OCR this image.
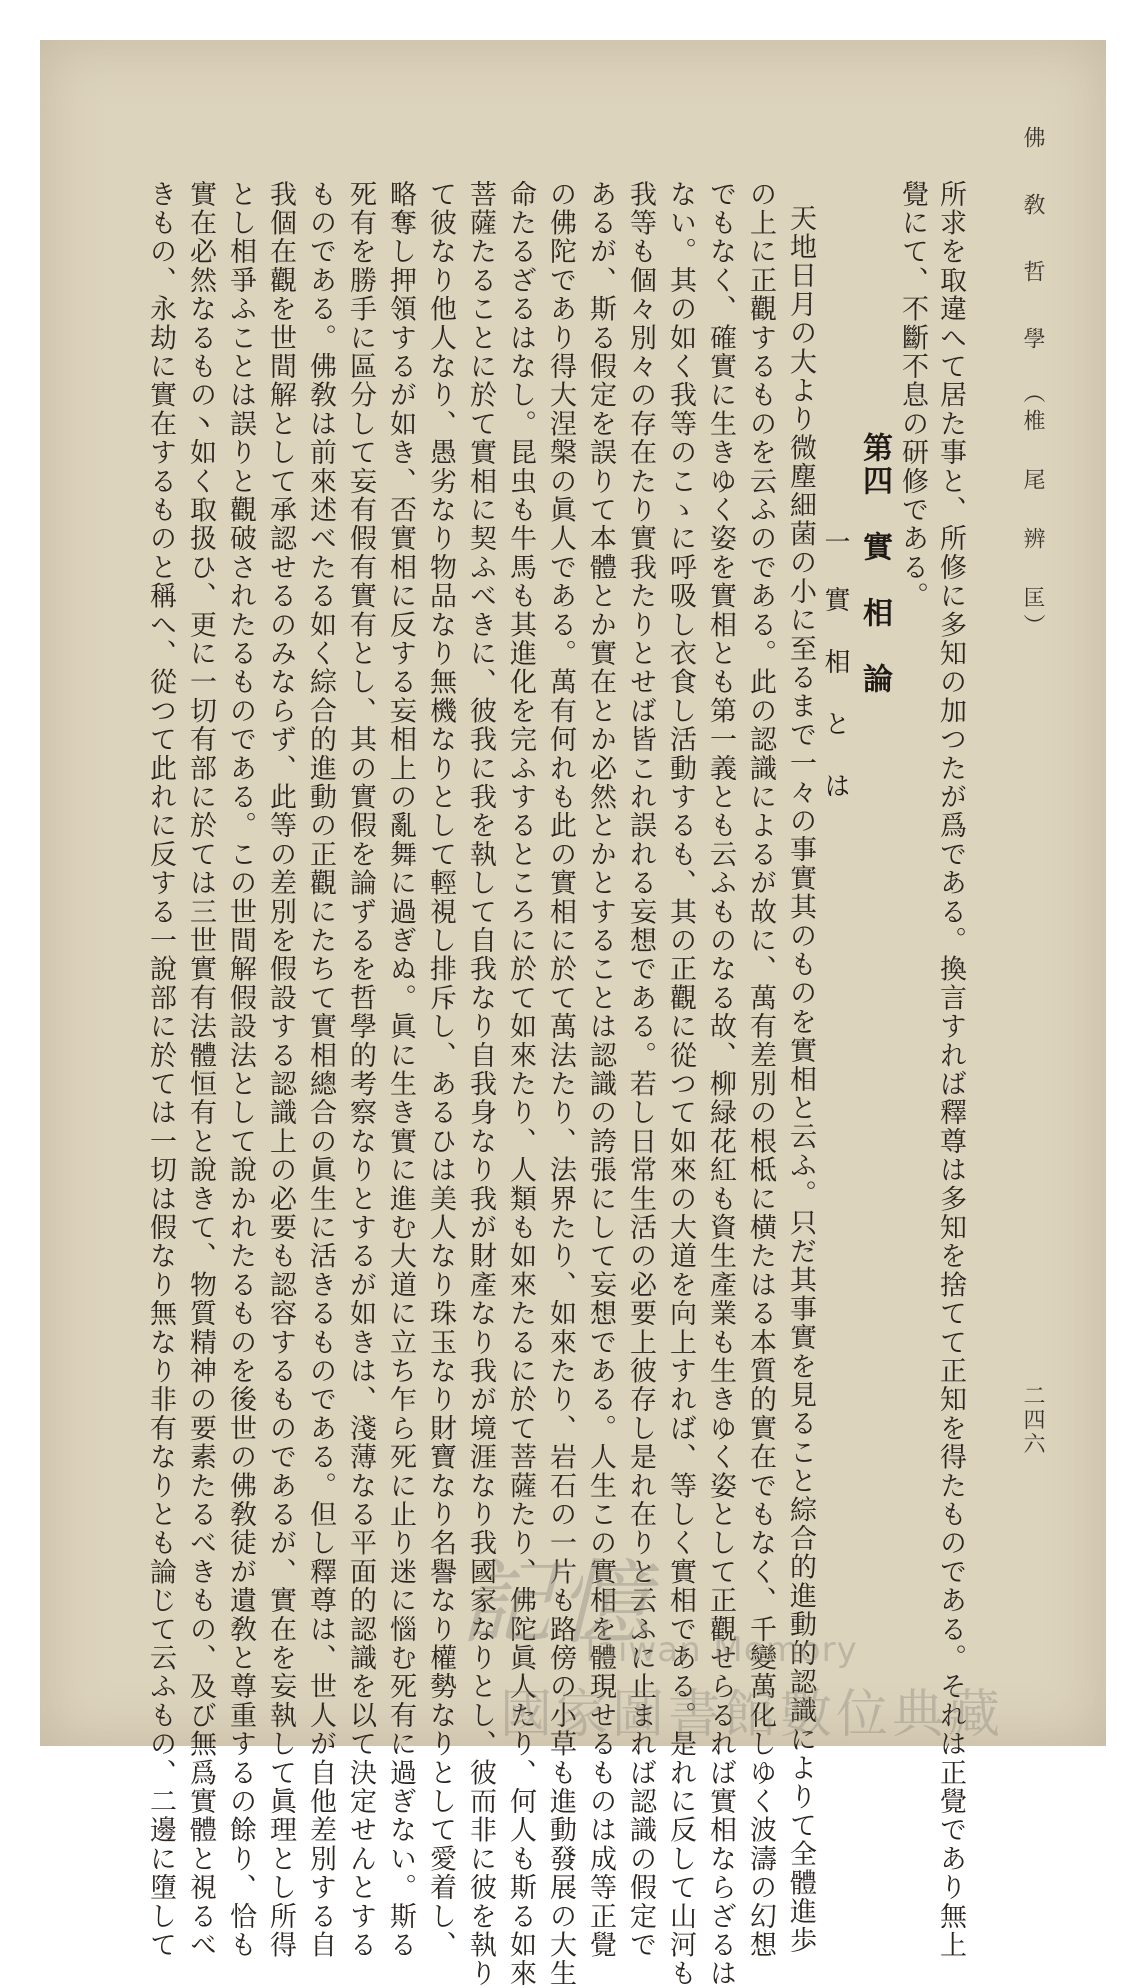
佛 敎 哲 學（椎 尾 辨 匡）
二四六
所求を取違へて居た事と、所修に多知の加つたが爲である。換言すれば釋尊は多知を捨てて正知を得たものである。それは正覺であり無上
覺にて、不斷不息の研修である。
天地日月の大より微塵細菌の小に至るまで一々の事實其のものを實相と云ふ。只だ其事實を見ること綜合的進動的認識によりて全體進歩
の上に正觀するものを云ふのである。此の認識によるが故に、萬有差別の根柢に横たはる本質的實在でもなく、千變萬化しゆく波濤の幻想
でもなく、確實に生きゆく姿を實相とも第一義とも云ふものなる故、柳緑花紅も資生產業も生きゆく姿として正觀せらるれば實相ならざるは
ない。其の如く我等のこゝに呼吸し衣食し活動するも、其の正觀に從つて如來の大道を向上すれば、等しく實相である。是れに反して山河も
我等も個々別々の存在たり實我たりとせば皆これ誤れる妄想である。若し日常生活の必要上彼存し是れ在りと云ふに止まれば認識の假定で
あるが、斯る假定を誤りて本體とか實在とか必然とかとすることは認識の誇張にして妄想である。人生この實相を體現せるものは成等正覺
の佛陀であり得大涅槃の眞人である。萬有何れも此の實相に於て萬法たり、法界たり、如來たり、岩石の一片も路傍の小草も進動發展の大生
命たるざるはなし。昆虫も牛馬も其進化を完ふするところに於て如來たり、人類も如來たるに於て菩薩たり、佛陀眞人たり、何人も斯る如來
菩薩たることに於て實相に契ふべきに、彼我に我を執して自我なり自我身なり我が財產なり我が境涯なり我國家なりとし、彼而非に彼を執り
て彼なり他人なり、愚劣なり物品なり無機なりとして輕視し排斥し、あるひは美人なり珠玉なり財寶なり名譽なり權勢なりとして愛着し、
略奪し押領するが如き、否實相に反する妄相上の亂舞に過ぎぬ。眞に生き實に進む大道に立ち乍ら死に止り迷に惱む死有に過ぎない。斯る
死有を勝手に區分して妄有假有實有とし、其の實假を論ずるを哲學的考察なりとするが如きは、淺薄なる平面的認識を以て決定せんとする
ものである。佛敎は前來述べたる如く綜合的進動の正觀にたちて實相總合の眞生に活きるものである。但し釋尊は、世人が自他差別する自
我個在觀を世間解として承認せるのみならず、此等の差別を假設する認識上の必要も認容するものであるが、實在を妄執して眞理とし所得
とし相爭ふことは誤りと觀破されたるものである。この世間解假設法として說かれたるものを後世の佛敎徒が遺敎と尊重するの餘り、恰も
實在必然なるもの丶如く取扱ひ、更に一切有部に於ては三世實有法體恒有と說きて、物質精神の要素たるべきもの、及び無爲實體と視るべ
きもの、永劫に實在するものと稱へ、從つて此れに反する一說部に於ては一切は假なり無なり非有なりとも論じて云ふもの、二邊に墮して	第四　實　相　論
一　實 相 と は
記憶
Taiwan Memory
國家圖書館數位典藏
